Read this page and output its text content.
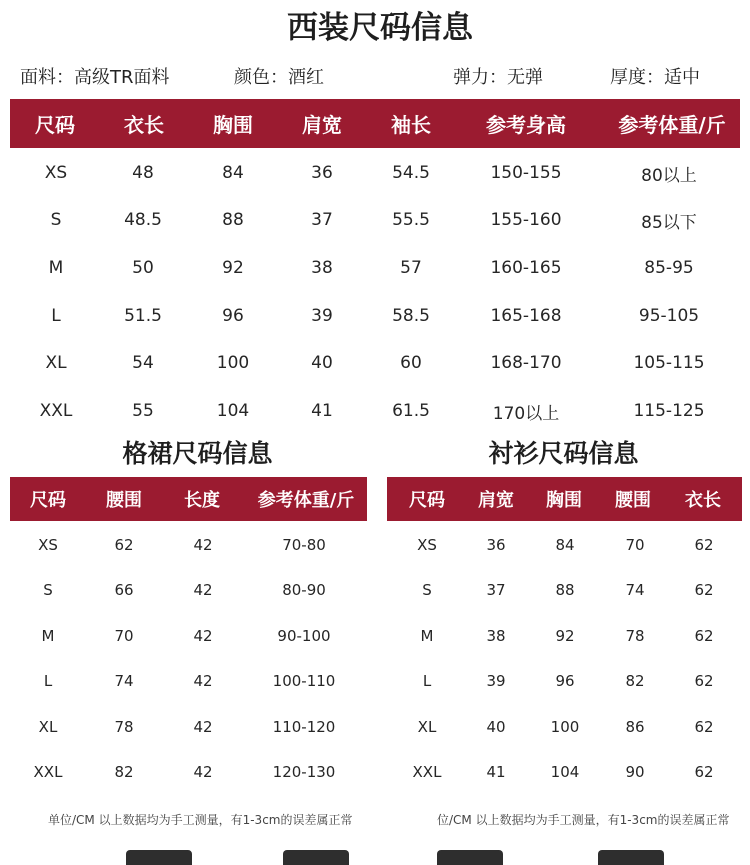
西装尺码信息
面料：高级TR面料	颜色：酒红	弹力：无弹	厚度：适中
尺码	衣长	胸围	肩宽	袖长	参考身高	参考体重/斤
XS	48	84	36	54.5	150-155	80以上
S	48.5	88	37	55.5	155-160	85以下
M	50	92	38	57	160-165	85-95
L	51.5	96	39	58.5	165-168	95-105
XL	54	100	40	60	168-170	105-115
XXL	55	104	41	61.5	170以上	115-125
格裙尺码信息
尺码	腰围	长度	参考体重/斤
XS	62	42	70-80
S	66	42	80-90
M	70	42	90-100
L	74	42	100-110
XL	78	42	110-120
XXL	82	42	120-130
单位/CM 以上数据均为手工测量，有1-3cm的误差属正常
衬衫尺码信息
尺码	肩宽	胸围	腰围	衣长
XS	36	84	70	62
S	37	88	74	62
M	38	92	78	62
L	39	96	82	62
XL	40	100	86	62
XXL	41	104	90	62
位/CM 以上数据均为手工测量，有1-3cm的误差属正常
